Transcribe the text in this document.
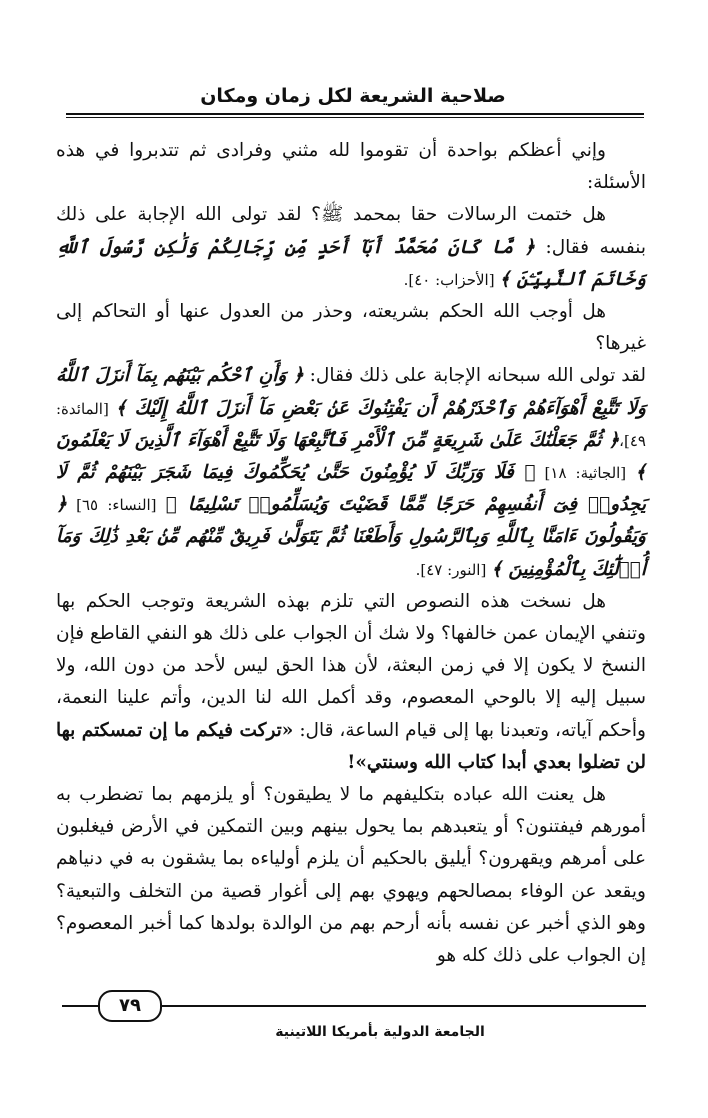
صلاحية الشريعة لكل زمان ومكان

وإني أعظكم بواحدة أن تقوموا لله مثني وفرادى ثم تتدبروا في هذه الأسئلة:

هل ختمت الرسالات حقا بمحمد ﷺ؟ لقد تولى الله الإجابة على ذلك بنفسه فقال: ﴿ مَّا كَانَ مُحَمَّدٌ أَبَآ أَحَدٍ مِّن رِّجَالِكُمْ وَلَٰكِن رَّسُولَ ٱللَّهِ وَخَاتَمَ ٱلنَّبِيِّـۧنَ ﴾ [الأحزاب: ٤٠].

هل أوجب الله الحكم بشريعته، وحذر من العدول عنها أو التحاكم إلى غيرها؟

لقد تولى الله سبحانه الإجابة على ذلك فقال: ﴿ وَأَنِ ٱحْكُم بَيْنَهُم بِمَآ أَنزَلَ ٱللَّهُ وَلَا تَتَّبِعْ أَهْوَآءَهُمْ وَٱحْذَرْهُمْ أَن يَفْتِنُوكَ عَنۢ بَعْضِ مَآ أَنزَلَ ٱللَّهُ إِلَيْكَ ﴾ [المائدة: ٤٩]،﴿ ثُمَّ جَعَلْنَٰكَ عَلَىٰ شَرِيعَةٍ مِّنَ ٱلْأَمْرِ فَٱتَّبِعْهَا وَلَا تَتَّبِعْ أَهْوَآءَ ٱلَّذِينَ لَا يَعْلَمُونَ ﴾ [الجاثية: ١٨] ﴿ فَلَا وَرَبِّكَ لَا يُؤْمِنُونَ حَتَّىٰ يُحَكِّمُوكَ فِيمَا شَجَرَ بَيْنَهُمْ ثُمَّ لَا يَجِدُوا۟ فِىٓ أَنفُسِهِمْ حَرَجًا مِّمَّا قَضَيْتَ وَيُسَلِّمُوا۟ تَسْلِيمًا ﴾ [النساء: ٦٥] ﴿ وَيَقُولُونَ ءَامَنَّا بِٱللَّهِ وَبِٱلرَّسُولِ وَأَطَعْنَا ثُمَّ يَتَوَلَّىٰ فَرِيقٌ مِّنْهُم مِّنۢ بَعْدِ ذَٰلِكَ وَمَآ أُو۟لَٰٓئِكَ بِٱلْمُؤْمِنِينَ ﴾ [النور: ٤٧].

هل نسخت هذه النصوص التي تلزم بهذه الشريعة وتوجب الحكم بها وتنفي الإيمان عمن خالفها؟ ولا شك أن الجواب على ذلك هو النفي القاطع فإن النسخ لا يكون إلا في زمن البعثة، لأن هذا الحق ليس لأحد من دون الله، ولا سبيل إليه إلا بالوحي المعصوم، وقد أكمل الله لنا الدين، وأتم علينا النعمة، وأحكم آياته، وتعبدنا بها إلى قيام الساعة، قال: «تركت فيكم ما إن تمسكتم بها لن تضلوا بعدي أبدا كتاب الله وسنتي»!

هل يعنت الله عباده بتكليفهم ما لا يطيقون؟ أو يلزمهم بما تضطرب به أمورهم فيفتنون؟ أو يتعبدهم بما يحول بينهم وبين التمكين في الأرض فيغلبون على أمرهم ويقهرون؟ أيليق بالحكيم أن يلزم أولياءه بما يشقون به في دنياهم ويقعد عن الوفاء بمصالحهم ويهوي بهم إلى أغوار قصية من التخلف والتبعية؟ وهو الذي أخبر عن نفسه بأنه أرحم بهم من الوالدة بولدها كما أخبر المعصوم؟ إن الجواب على ذلك كله هو

٧٩
الجامعة الدولية بأمريكا اللاتينية
